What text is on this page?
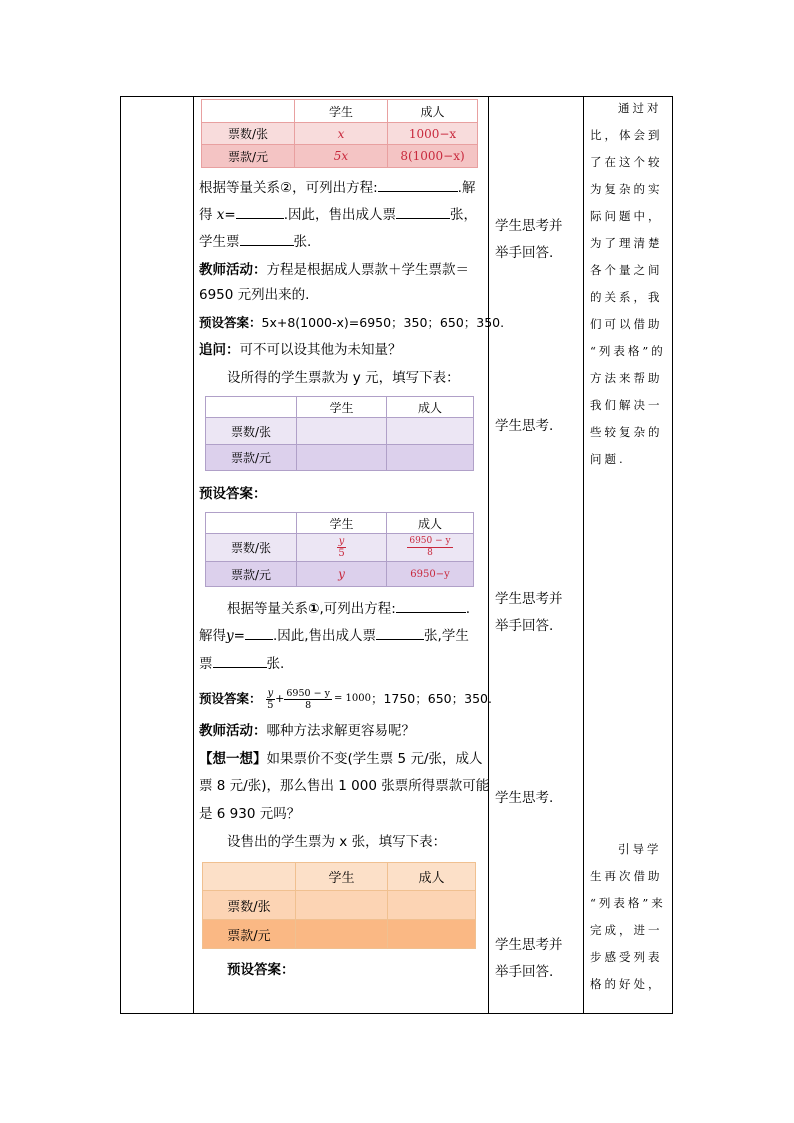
	学生	成人
票数/张	x	1000−x
票款/元	5x	8(1000−x)
根据等量关系②，可列出方程:	.解
得 x=	.因此，售出成人票	张，
学生票	张.
教师活动：方程是根据成人票款＋学生票款＝
6950 元列出来的.
预设答案：5x+8(1000-x)=6950；350；650；350.
追问：可不可以设其他为未知量？
设所得的学生票款为 y 元，填写下表：
	学生	成人
票数/张		
票款/元		
预设答案：
	学生	成人
票数/张	$\frac{y}{5}$	$\frac{6950 - y}{8}$

票款/元	y	6950−y
根据等量关系①,可列出方程:	.
解得y= .因此,售出成人票	张,学生
票	张.
预设答案： $\frac{y}{5} + \frac{6950 - y}{8} = 1000$ ；1750；650；350.
教师活动：哪种方法求解更容易呢？
【想一想】如果票价不变(学生票 5 元/张，成人
票 8 元/张)，那么售出 1 000 张票所得票款可能
是 6 930 元吗？
设售出的学生票为 x 张，填写下表：
	学生	成人
票数/张		
票款/元		
预设答案：
学生思考并
举手回答.
学生思考.
学生思考并
举手回答.
学生思考.
学生思考并
举手回答.
通过对
比，体会到
了在这个较
为复杂的实
际问题中，
为了理清楚
各个量之间
的关系，我
们可以借助
“列表格”的
方法来帮助
我们解决一
些较复杂的
问题.
引导学
生再次借助
“列表格”来
完成，进一
步感受列表
格的好处，
